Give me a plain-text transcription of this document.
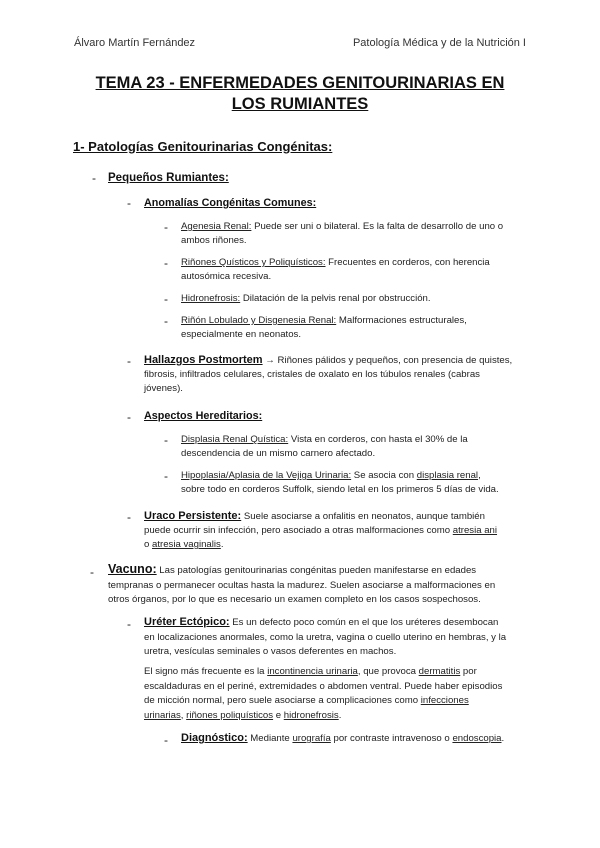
Álvaro Martín Fernández	Patología Médica y de la Nutrición I
TEMA 23 - ENFERMEDADES GENITOURINARIAS EN
LOS RUMIANTES
1- Patologías Genitourinarias Congénitas:
- Pequeños Rumiantes:
- Anomalías Congénitas Comunes:
- Agenesia Renal: Puede ser uni o bilateral. Es la falta de desarrollo de uno o
ambos riñones.
- Riñones Quísticos y Poliquísticos: Frecuentes en corderos, con herencia
autosómica recesiva.
- Hidronefrosis: Dilatación de la pelvis renal por obstrucción.
- Riñón Lobulado y Disgenesia Renal: Malformaciones estructurales,
especialmente en neonatos.
- Hallazgos Postmortem → Riñones pálidos y pequeños, con presencia de quistes,
fibrosis, infiltrados celulares, cristales de oxalato en los túbulos renales (cabras
jóvenes).
- Aspectos Hereditarios:
- Displasia Renal Quística: Vista en corderos, con hasta el 30% de la
descendencia de un mismo carnero afectado.
- Hipoplasia/Aplasia de la Vejiga Urinaria: Se asocia con displasia renal,
sobre todo en corderos Suffolk, siendo letal en los primeros 5 días de vida.
- Uraco Persistente: Suele asociarse a onfalitis en neonatos, aunque también
puede ocurrir sin infección, pero asociado a otras malformaciones como atresia ani
o atresia vaginalis.
- Vacuno: Las patologías genitourinarias congénitas pueden manifestarse en edades
tempranas o permanecer ocultas hasta la madurez. Suelen asociarse a malformaciones en
otros órganos, por lo que es necesario un examen completo en los casos sospechosos.
- Uréter Ectópico: Es un defecto poco común en el que los uréteres desembocan
en localizaciones anormales, como la uretra, vagina o cuello uterino en hembras, y la
uretra, vesículas seminales o vasos deferentes en machos.
El signo más frecuente es la incontinencia urinaria, que provoca dermatitis por
escaldaduras en el periné, extremidades o abdomen ventral. Puede haber episodios
de micción normal, pero suele asociarse a complicaciones como infecciones
urinarias, riñones poliquísticos e hidronefrosis.
- Diagnóstico: Mediante urografía por contraste intravenoso o endoscopia.
